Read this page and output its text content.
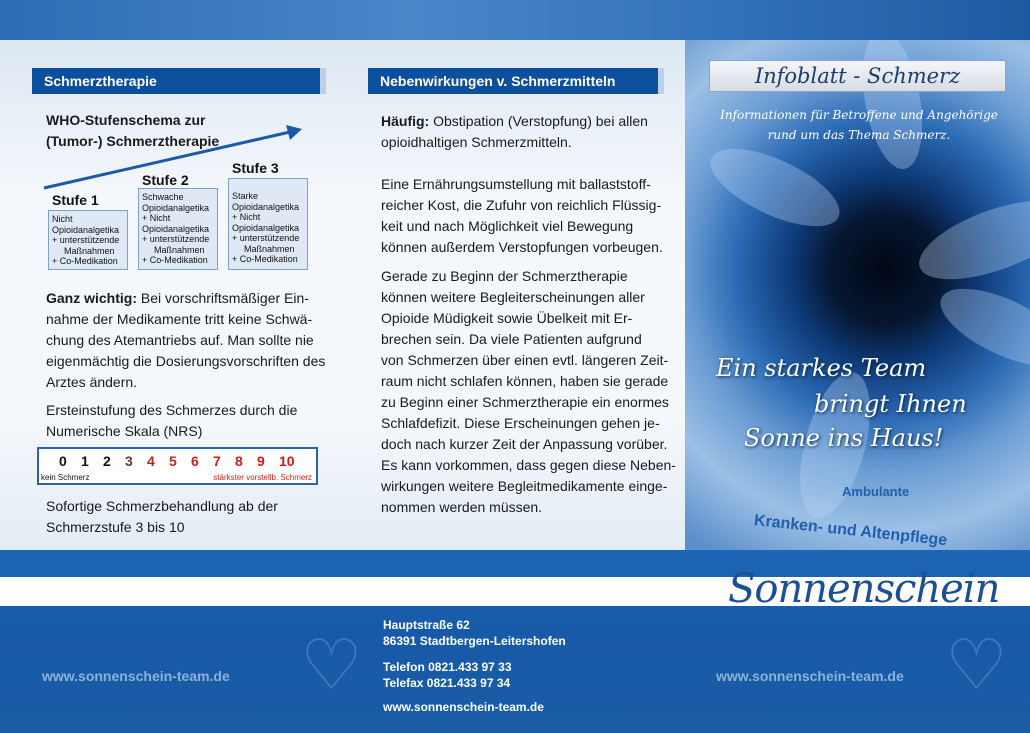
Schmerztherapie
WHO-Stufenschema zur
(Tumor-) Schmerztherapie
Stufe 1
Stufe 2
Stufe 3
Nicht
Opioidanalgetika
+ unterstützende
Maßnahmen
+ Co-Medikation
Schwache
Opioidanalgetika
+ Nicht
Opioidanalgetika
+ unterstützende
Maßnahmen
+ Co-Medikation
Starke
Opioidanalgetika
+ Nicht
Opioidanalgetika
+ unterstützende
Maßnahmen
+ Co-Medikation
Ganz wichtig: Bei vorschriftsmäßiger Ein-
nahme der Medikamente tritt keine Schwä-
chung des Atemantriebs auf. Man sollte nie
eigenmächtig die Dosierungsvorschriften des
Arztes ändern.
Ersteinstufung des Schmerzes durch die
Numerische Skala (NRS)
0 1 2 3 4 5 6 7 8 9 10
kein Schmerz	stärkster vorstellb. Schmerz
Sofortige Schmerzbehandlung ab der
Schmerzstufe 3 bis 10
Nebenwirkungen v. Schmerzmitteln
Häufig: Obstipation (Verstopfung) bei allen
opioidhaltigen Schmerzmitteln.
Eine Ernährungsumstellung mit ballaststoff-
reicher Kost, die Zufuhr von reichlich Flüssig-
keit und nach Möglichkeit viel Bewegung
können außerdem Verstopfungen vorbeugen.
Gerade zu Beginn der Schmerztherapie
können weitere Begleiterscheinungen aller
Opioide Müdigkeit sowie Übelkeit mit Er-
brechen sein. Da viele Patienten aufgrund
von Schmerzen über einen evtl. längeren Zeit-
raum nicht schlafen können, haben sie gerade
zu Beginn einer Schmerztherapie ein enormes
Schlafdefizit. Diese Erscheinungen gehen je-
doch nach kurzer Zeit der Anpassung vorüber.
Es kann vorkommen, dass gegen diese Neben-
wirkungen weitere Begleitmedikamente einge-
nommen werden müssen.
Infoblatt - Schmerz
Informationen für Betroffene und Angehörige
rund um das Thema Schmerz.
Ein starkes Team
bringt Ihnen
Sonne ins Haus!
Ambulante
Kranken- und Altenpflege
Sonnenschein
♡	♡
www.sonnenschein-team.de	www.sonnenschein-team.de
Hauptstraße 62
86391 Stadtbergen-Leitershofen
Telefon 0821.433 97 33
Telefax 0821.433 97 34
www.sonnenschein-team.de
